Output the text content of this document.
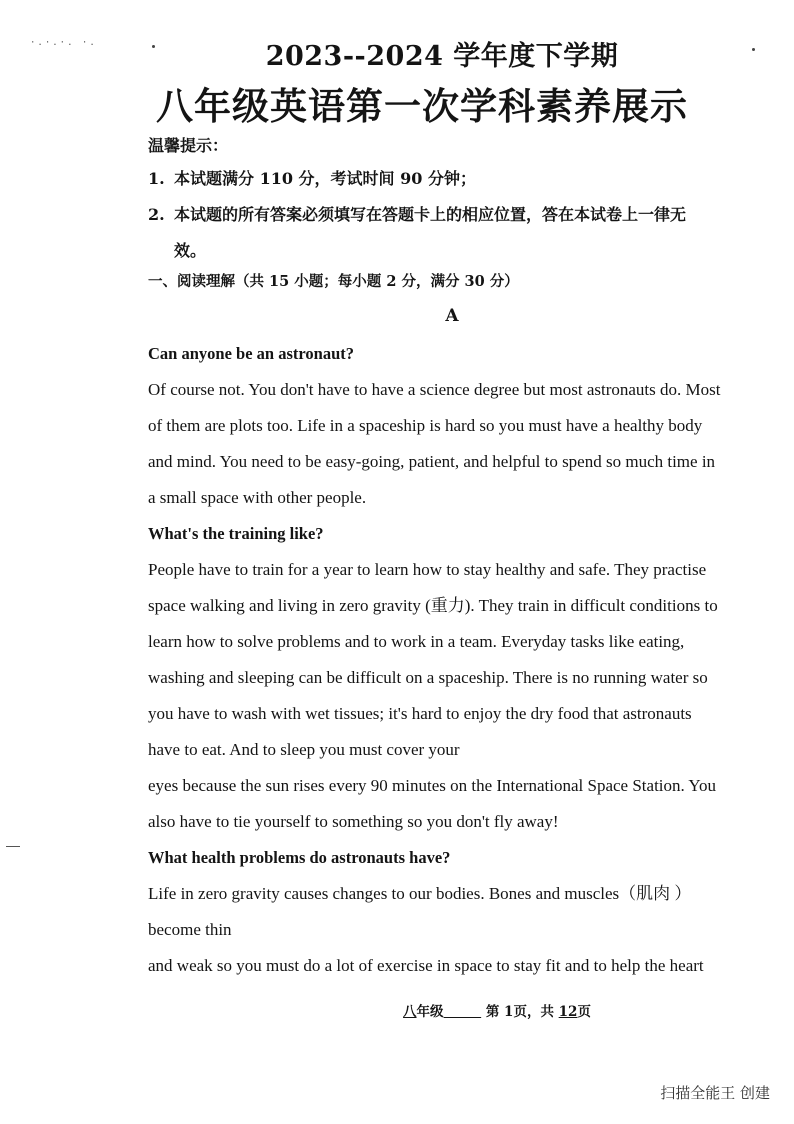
·.·.·. ·.	2023--2024 学年度下学期
八年级英语第一次学科素养展示
温馨提示：
1. 本试题满分 110 分，考试时间 90 分钟；
2. 本试题的所有答案必须填写在答题卡上的相应位置，答在本试卷上一律无
效。
一、阅读理解（共 15 小题；每小题 2 分，满分 30 分）
A
Can anyone be an astronaut?
Of course not. You don't have to have a science degree but most astronauts do. Most
of them are plots too. Life in a spaceship is hard so you must have a healthy body
and mind. You need to be easy-going, patient, and helpful to spend so much time in
a small space with other people.
What's the training like?
People have to train for a year to learn how to stay healthy and safe. They practise
space walking and living in zero gravity (重力). They train in difficult conditions to
learn how to solve problems and to work in a team. Everyday tasks like eating,
washing and sleeping can be difficult on a spaceship. There is no running water so
you have to wash with wet tissues; it's hard to enjoy the dry food that astronauts
have to eat. And to sleep you must cover your
eyes because the sun rises every 90 minutes on the International Space Station. You
also have to tie yourself to something so you don't fly away!
What health problems do astronauts have?
Life in zero gravity causes changes to our bodies. Bones and muscles（肌肉 ）
become thin
and weak so you must do a lot of exercise in space to stay fit and to help the heart
八年级	第 1页，共 12页
扫描全能王 创建
